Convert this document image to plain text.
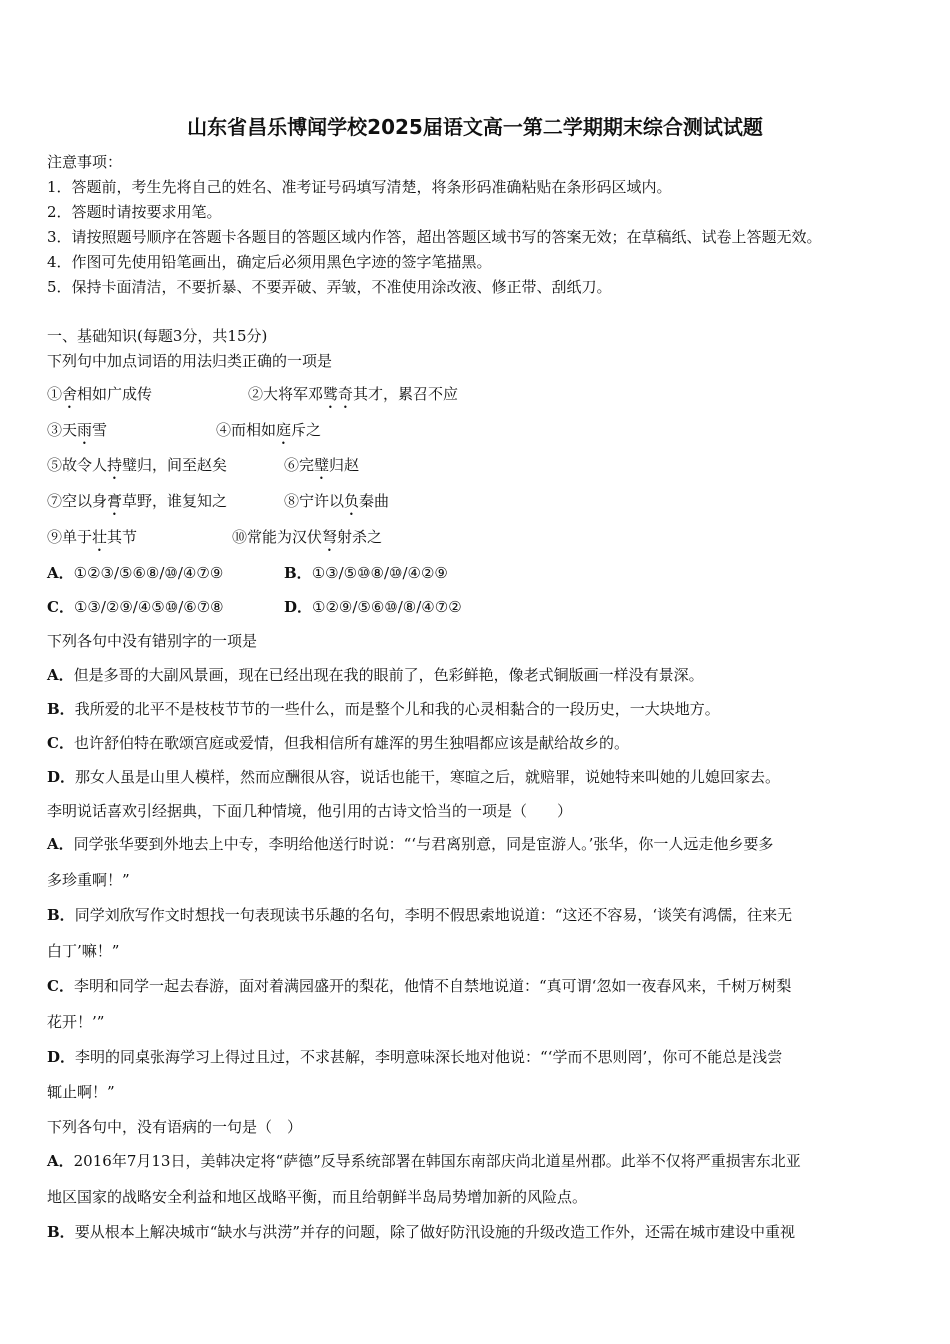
山东省昌乐博闻学校2025届语文高一第二学期期末综合测试试题
注意事项：
1．答题前，考生先将自己的姓名、准考证号码填写清楚，将条形码准确粘贴在条形码区域内。
2．答题时请按要求用笔。
3．请按照题号顺序在答题卡各题目的答题区域内作答，超出答题区域书写的答案无效；在草稿纸、试卷上答题无效。
4．作图可先使用铅笔画出，确定后必须用黑色字迹的签字笔描黑。
5．保持卡面清洁，不要折暴、不要弄破、弄皱，不准使用涂改液、修正带、刮纸刀。
一、基础知识(每题3分，共15分)
下列句中加点词语的用法归类正确的一项是
①舍相如广成传	②大将军邓骘奇其才，累召不应
③天雨雪	④而相如庭斥之
⑤故令人持璧归，间至赵矣	⑥完璧归赵
⑦空以身膏草野，谁复知之	⑧宁许以负秦曲
⑨单于壮其节	⑩常能为汉伏弩射杀之
A．①②③/⑤⑥⑧/⑩/④⑦⑨	B．①③/⑤⑩⑧/⑩/④②⑨
C．①③/②⑨/④⑤⑩/⑥⑦⑧	D．①②⑨/⑤⑥⑩/⑧/④⑦②
下列各句中没有错别字的一项是
A．但是多哥的大副风景画，现在已经出现在我的眼前了，色彩鲜艳，像老式铜版画一样没有景深。
B．我所爱的北平不是枝枝节节的一些什么，而是整个儿和我的心灵相黏合的一段历史，一大块地方。
C．也许舒伯特在歌颂宫庭或爱情，但我相信所有雄浑的男生独唱都应该是献给故乡的。
D．那女人虽是山里人模样，然而应酬很从容，说话也能干，寒暄之后，就赔罪，说她特来叫她的儿媳回家去。
李明说话喜欢引经据典，下面几种情境，他引用的古诗文恰当的一项是（　　）
A．同学张华要到外地去上中专，李明给他送行时说：“‘与君离别意，同是宦游人。’张华，你一人远走他乡要多
多珍重啊！”
B．同学刘欣写作文时想找一句表现读书乐趣的名句，李明不假思索地说道：“这还不容易，‘谈笑有鸿儒，往来无
白丁’嘛！”
C．李明和同学一起去春游，面对着满园盛开的梨花，他情不自禁地说道：“真可谓‘忽如一夜春风来，千树万树梨
花开！’”
D．李明的同桌张海学习上得过且过，不求甚解，李明意味深长地对他说：“‘学而不思则罔’，你可不能总是浅尝
辄止啊！”
下列各句中，没有语病的一句是（　）
A．2016年7月13日，美韩决定将“萨德”反导系统部署在韩国东南部庆尚北道星州郡。此举不仅将严重损害东北亚
地区国家的战略安全利益和地区战略平衡，而且给朝鲜半岛局势增加新的风险点。
B．要从根本上解决城市“缺水与洪涝”并存的问题，除了做好防汛设施的升级改造工作外，还需在城市建设中重视
